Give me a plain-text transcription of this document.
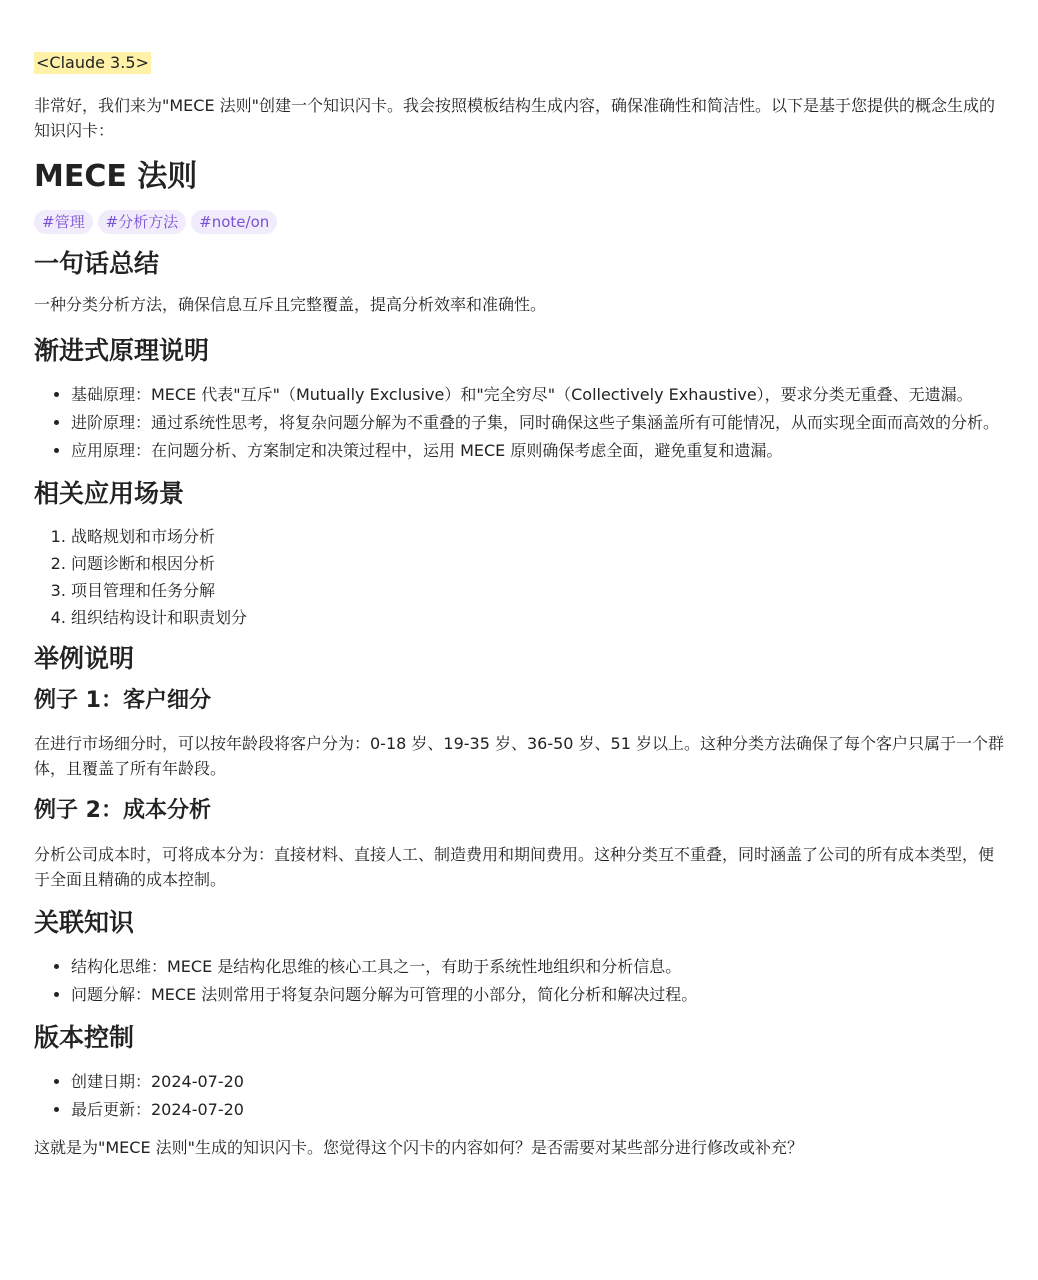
<Claude 3.5>

非常好，我们来为"MECE 法则"创建一个知识闪卡。我会按照模板结构生成内容，确保准确性和简洁性。以下是基于您提供的概念生成的知识闪卡：

MECE 法则
#管理	#分析方法	#note/on
一句话总结

一种分类分析方法，确保信息互斥且完整覆盖，提高分析效率和准确性。

渐进式原理说明
• 基础原理：MECE 代表"互斥"（Mutually Exclusive）和"完全穷尽"（Collectively Exhaustive），要求分类无重叠、无遗漏。
• 进阶原理：通过系统性思考，将复杂问题分解为不重叠的子集，同时确保这些子集涵盖所有可能情况，从而实现全面而高效的分析。
• 应用原理：在问题分析、方案制定和决策过程中，运用 MECE 原则确保考虑全面，避免重复和遗漏。
相关应用场景
1. 战略规划和市场分析
2. 问题诊断和根因分析
3. 项目管理和任务分解
4. 组织结构设计和职责划分
举例说明
例子 1：客户细分

在进行市场细分时，可以按年龄段将客户分为：0-18 岁、19-35 岁、36-50 岁、51 岁以上。这种分类方法确保了每个客户只属于一个群体，且覆盖了所有年龄段。

例子 2：成本分析

分析公司成本时，可将成本分为：直接材料、直接人工、制造费用和期间费用。这种分类互不重叠，同时涵盖了公司的所有成本类型，便于全面且精确的成本控制。

关联知识
• 结构化思维：MECE 是结构化思维的核心工具之一，有助于系统性地组织和分析信息。
• 问题分解：MECE 法则常用于将复杂问题分解为可管理的小部分，简化分析和解决过程。
版本控制
• 创建日期：2024-07-20
• 最后更新：2024-07-20

这就是为"MECE 法则"生成的知识闪卡。您觉得这个闪卡的内容如何？是否需要对某些部分进行修改或补充？
